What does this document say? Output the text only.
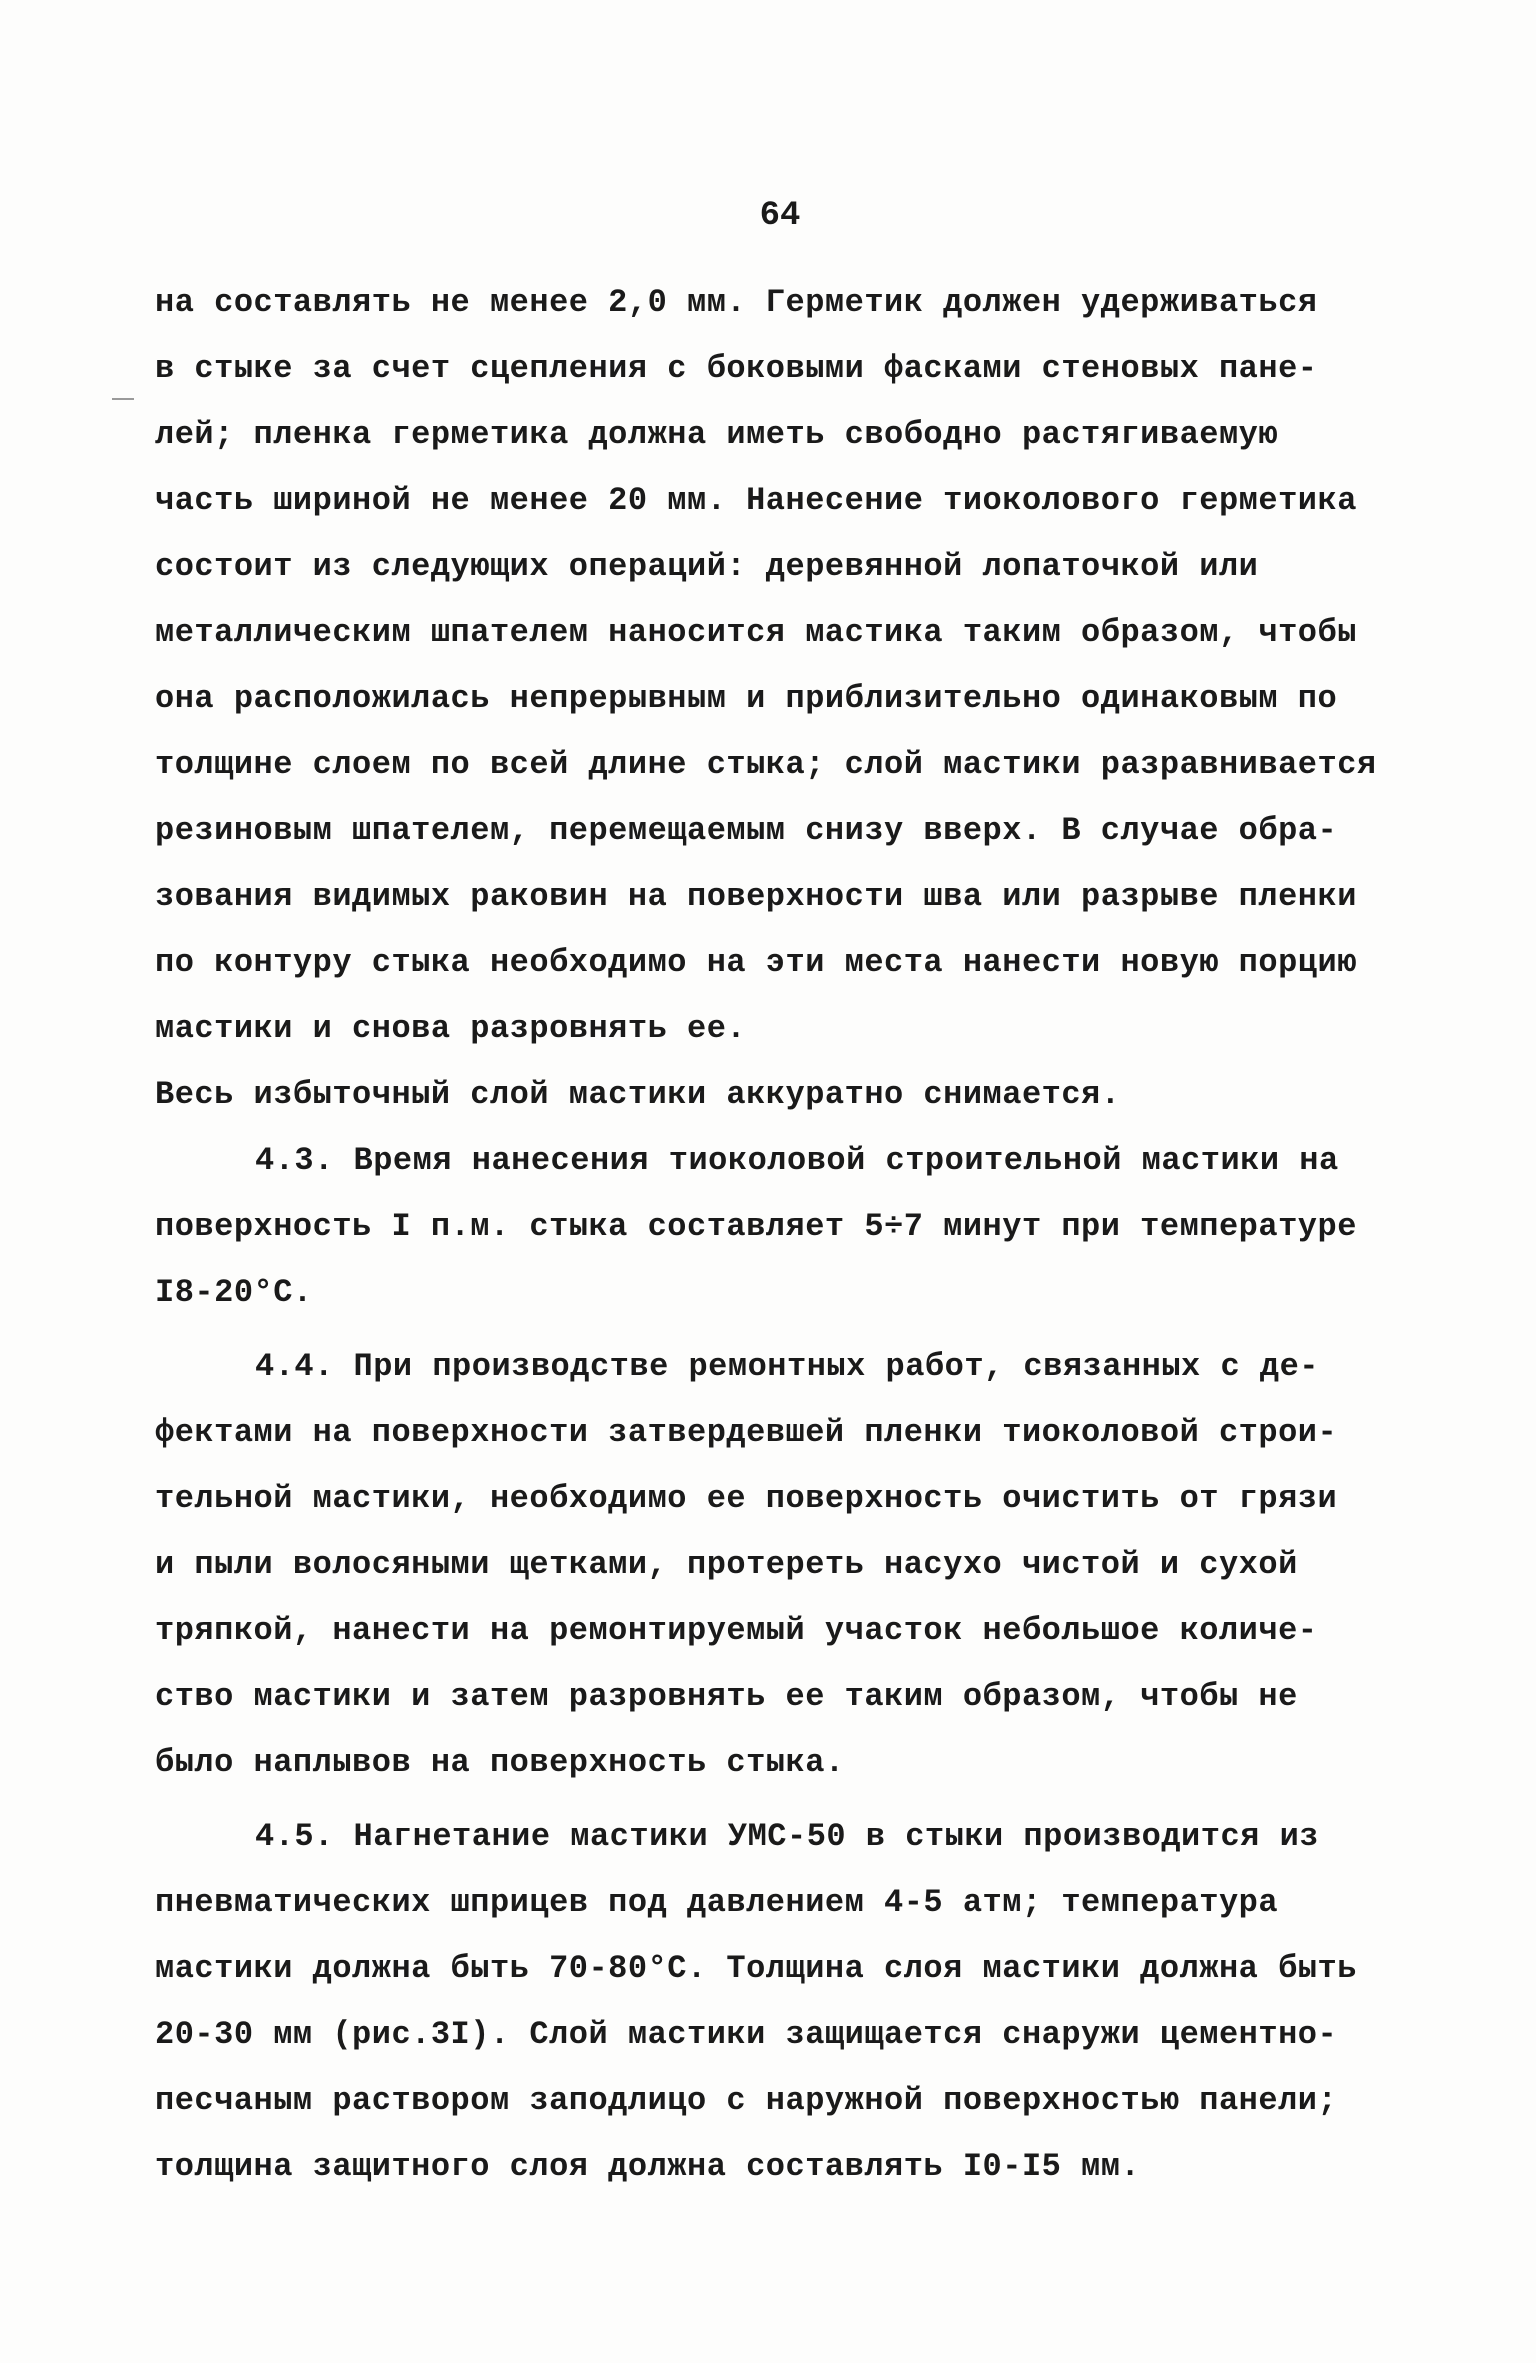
64
на составлять не менее 2,0 мм. Герметик должен удерживаться
в стыке за счет сцепления с боковыми фасками стеновых пане-
лей; пленка герметика должна иметь свободно растягиваемую
часть шириной не менее 20 мм. Нанесение тиоколового герметика
состоит из следующих операций: деревянной лопаточкой или
металлическим шпателем наносится мастика таким образом, чтобы
она расположилась непрерывным и приблизительно одинаковым по
толщине слоем по всей длине стыка; слой мастики разравнивается
резиновым шпателем, перемещаемым снизу вверх. В случае обра-
зования видимых раковин на поверхности шва или разрыве пленки
по контуру стыка необходимо на эти места нанести новую порцию
мастики и снова разровнять ее.
Весь избыточный слой мастики аккуратно снимается.
4.3. Время нанесения тиоколовой строительной мастики на
поверхность I п.м. стыка составляет 5÷7 минут при температуре
I8-20°С.
4.4. При производстве ремонтных работ, связанных с де-
фектами на поверхности затвердевшей пленки тиоколовой строи-
тельной мастики, необходимо ее поверхность очистить от грязи
и пыли волосяными щетками, протереть насухо чистой и сухой
тряпкой, нанести на ремонтируемый участок небольшое количе-
ство мастики и затем разровнять ее таким образом, чтобы не
было наплывов на поверхность стыка.
4.5. Нагнетание мастики УМС-50 в стыки производится из
пневматических шприцев под давлением 4-5 атм; температура
мастики должна быть 70-80°С. Толщина слоя мастики должна быть
20-30 мм (рис.3I). Слой мастики защищается снаружи цементно-
песчаным раствором заподлицо с наружной поверхностью панели;
толщина защитного слоя должна составлять I0-I5 мм.
